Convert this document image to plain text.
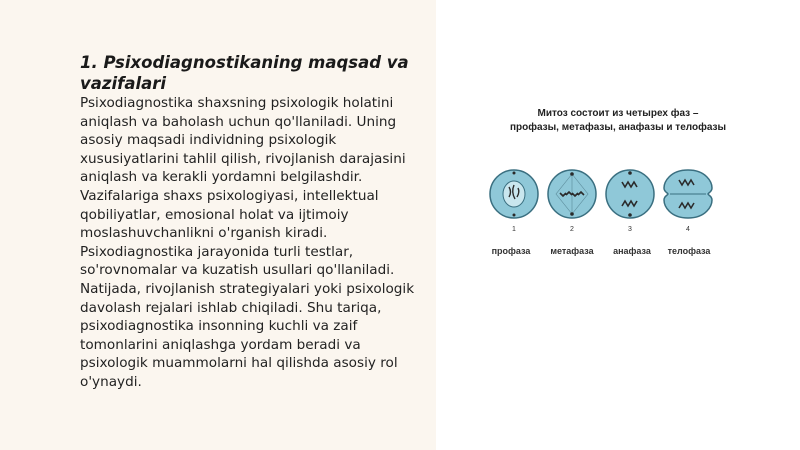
1. Psixodiagnostikaning maqsad va vazifalari

Psixodiagnostika shaxsning psixologik holatini aniqlash va baholash uchun qo'llaniladi. Uning asosiy maqsadi individning psixologik xususiyatlarini tahlil qilish, rivojlanish darajasini aniqlash va kerakli yordamni belgilashdir. Vazifalariga shaxs psixologiyasi, intellektual qobiliyatlar, emosional holat va ijtimoiy moslashuvchanlikni o'rganish kiradi. Psixodiagnostika jarayonida turli testlar, so'rovnomalar va kuzatish usullari qo'llaniladi. Natijada, rivojlanish strategiyalari yoki psixologik davolash rejalari ishlab chiqiladi. Shu tariqa, psixodiagnostika insonning kuchli va zaif tomonlarini aniqlashga yordam beradi va psixologik muammolarni hal qilishda asosiy rol o'ynaydi.

Митоз состоит из четырех фаз –
профазы, метафазы, анафазы и телофазы
1	2	3	4
профаза	метафаза	анафаза	телофаза
